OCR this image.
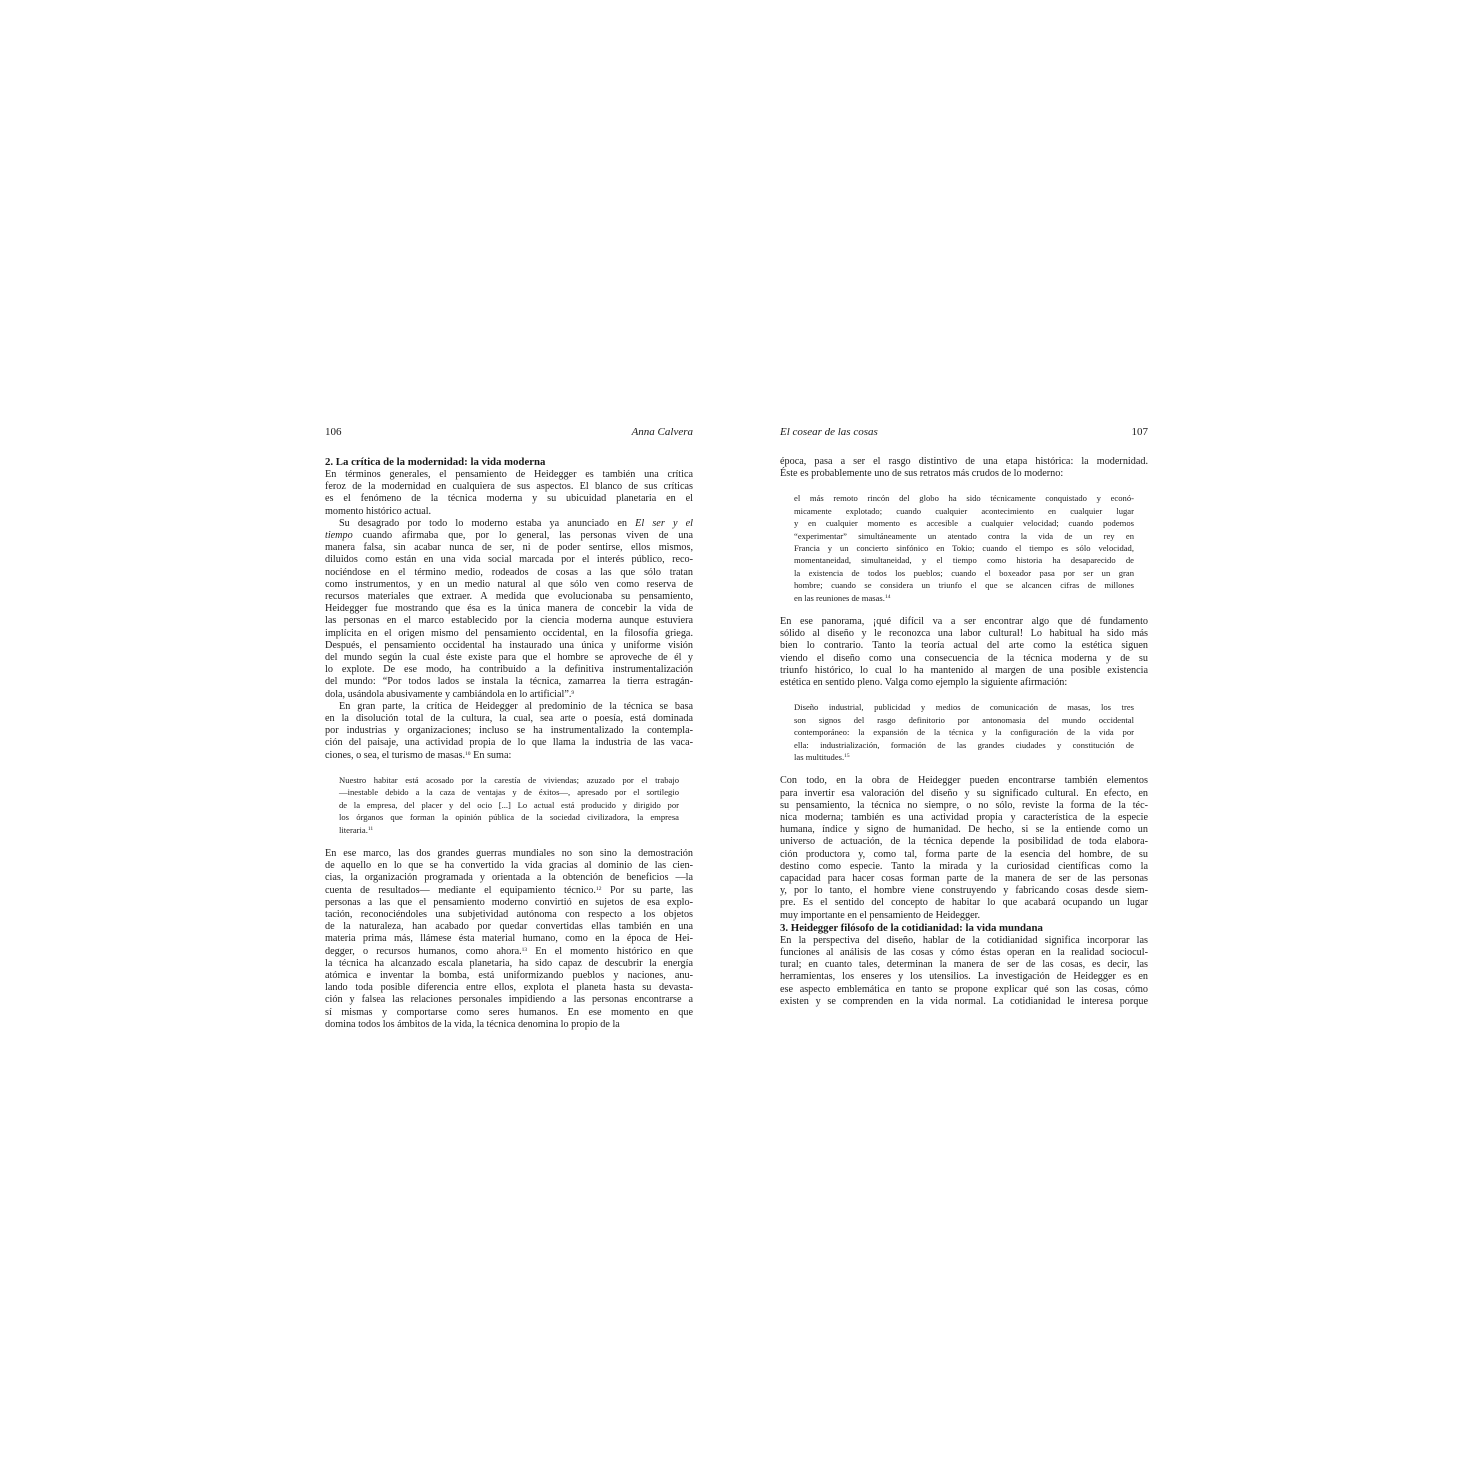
106	Anna Calvera

2. La crítica de la modernidad: la vida moderna

En términos generales, el pensamiento de Heidegger es también una crítica
feroz de la modernidad en cualquiera de sus aspectos. El blanco de sus críticas
es el fenómeno de la técnica moderna y su ubicuidad planetaria en el
momento histórico actual.

Su desagrado por todo lo moderno estaba ya anunciado en El ser y el
tiempo cuando afirmaba que, por lo general, las personas viven de una
manera falsa, sin acabar nunca de ser, ni de poder sentirse, ellos mismos,
diluidos como están en una vida social marcada por el interés público, reco-
nociéndose en el término medio, rodeados de cosas a las que sólo tratan
como instrumentos, y en un medio natural al que sólo ven como reserva de
recursos materiales que extraer. A medida que evolucionaba su pensamiento,
Heidegger fue mostrando que ésa es la única manera de concebir la vida de
las personas en el marco establecido por la ciencia moderna aunque estuviera
implícita en el origen mismo del pensamiento occidental, en la filosofía griega.
Después, el pensamiento occidental ha instaurado una única y uniforme visión
del mundo según la cual éste existe para que el hombre se aproveche de él y
lo explote. De ese modo, ha contribuido a la definitiva instrumentalización
del mundo: “Por todos lados se instala la técnica, zamarrea la tierra estragán-
dola, usándola abusivamente y cambiándola en lo artificial”.$^9$

En gran parte, la crítica de Heidegger al predominio de la técnica se basa
en la disolución total de la cultura, la cual, sea arte o poesía, está dominada
por industrias y organizaciones; incluso se ha instrumentalizado la contempla-
ción del paisaje, una actividad propia de lo que llama la industria de las vaca-
ciones, o sea, el turismo de masas.$^{10}$ En suma:

Nuestro habitar está acosado por la carestía de viviendas; azuzado por el trabajo
—inestable debido a la caza de ventajas y de éxitos—, apresado por el sortilegio
de la empresa, del placer y del ocio [...] Lo actual está producido y dirigido por
los órganos que forman la opinión pública de la sociedad civilizadora, la empresa
literaria.$^{11}$

En ese marco, las dos grandes guerras mundiales no son sino la demostración
de aquello en lo que se ha convertido la vida gracias al dominio de las cien-
cias, la organización programada y orientada a la obtención de beneficios —la
cuenta de resultados— mediante el equipamiento técnico.$^{12}$ Por su parte, las
personas a las que el pensamiento moderno convirtió en sujetos de esa explo-
tación, reconociéndoles una subjetividad autónoma con respecto a los objetos
de la naturaleza, han acabado por quedar convertidas ellas también en una
materia prima más, llámese ésta material humano, como en la época de Hei-
degger, o recursos humanos, como ahora.$^{13}$ En el momento histórico en que
la técnica ha alcanzado escala planetaria, ha sido capaz de descubrir la energía
atómica e inventar la bomba, está uniformizando pueblos y naciones, anu-
lando toda posible diferencia entre ellos, explota el planeta hasta su devasta-
ción y falsea las relaciones personales impidiendo a las personas encontrarse a
sí mismas y comportarse como seres humanos. En ese momento en que
domina todos los ámbitos de la vida, la técnica denomina lo propio de la

El cosear de las cosas	107

época, pasa a ser el rasgo distintivo de una etapa histórica: la modernidad.
Éste es probablemente uno de sus retratos más crudos de lo moderno:

el más remoto rincón del globo ha sido técnicamente conquistado y econó-
micamente explotado; cuando cualquier acontecimiento en cualquier lugar
y en cualquier momento es accesible a cualquier velocidad; cuando podemos
“experimentar” simultáneamente un atentado contra la vida de un rey en
Francia y un concierto sinfónico en Tokio; cuando el tiempo es sólo velocidad,
momentaneidad, simultaneidad, y el tiempo como historia ha desaparecido de
la existencia de todos los pueblos; cuando el boxeador pasa por ser un gran
hombre; cuando se considera un triunfo el que se alcancen cifras de millones
en las reuniones de masas.$^{14}$

En ese panorama, ¡qué difícil va a ser encontrar algo que dé fundamento
sólido al diseño y le reconozca una labor cultural! Lo habitual ha sido más
bien lo contrario. Tanto la teoría actual del arte como la estética siguen
viendo el diseño como una consecuencia de la técnica moderna y de su
triunfo histórico, lo cual lo ha mantenido al margen de una posible existencia
estética en sentido pleno. Valga como ejemplo la siguiente afirmación:

Diseño industrial, publicidad y medios de comunicación de masas, los tres
son signos del rasgo definitorio por antonomasia del mundo occidental
contemporáneo: la expansión de la técnica y la configuración de la vida por
ella: industrialización, formación de las grandes ciudades y constitución de
las multitudes.$^{15}$

Con todo, en la obra de Heidegger pueden encontrarse también elementos
para invertir esa valoración del diseño y su significado cultural. En efecto, en
su pensamiento, la técnica no siempre, o no sólo, reviste la forma de la téc-
nica moderna; también es una actividad propia y característica de la especie
humana, índice y signo de humanidad. De hecho, si se la entiende como un
universo de actuación, de la técnica depende la posibilidad de toda elabora-
ción productora y, como tal, forma parte de la esencia del hombre, de su
destino como especie. Tanto la mirada y la curiosidad científicas como la
capacidad para hacer cosas forman parte de la manera de ser de las personas
y, por lo tanto, el hombre viene construyendo y fabricando cosas desde siem-
pre. Es el sentido del concepto de habitar lo que acabará ocupando un lugar
muy importante en el pensamiento de Heidegger.

3. Heidegger filósofo de la cotidianidad: la vida mundana

En la perspectiva del diseño, hablar de la cotidianidad significa incorporar las
funciones al análisis de las cosas y cómo éstas operan en la realidad sociocul-
tural; en cuanto tales, determinan la manera de ser de las cosas, es decir, las
herramientas, los enseres y los utensilios. La investigación de Heidegger es en
ese aspecto emblemática en tanto se propone explicar qué son las cosas, cómo
existen y se comprenden en la vida normal. La cotidianidad le interesa porque
